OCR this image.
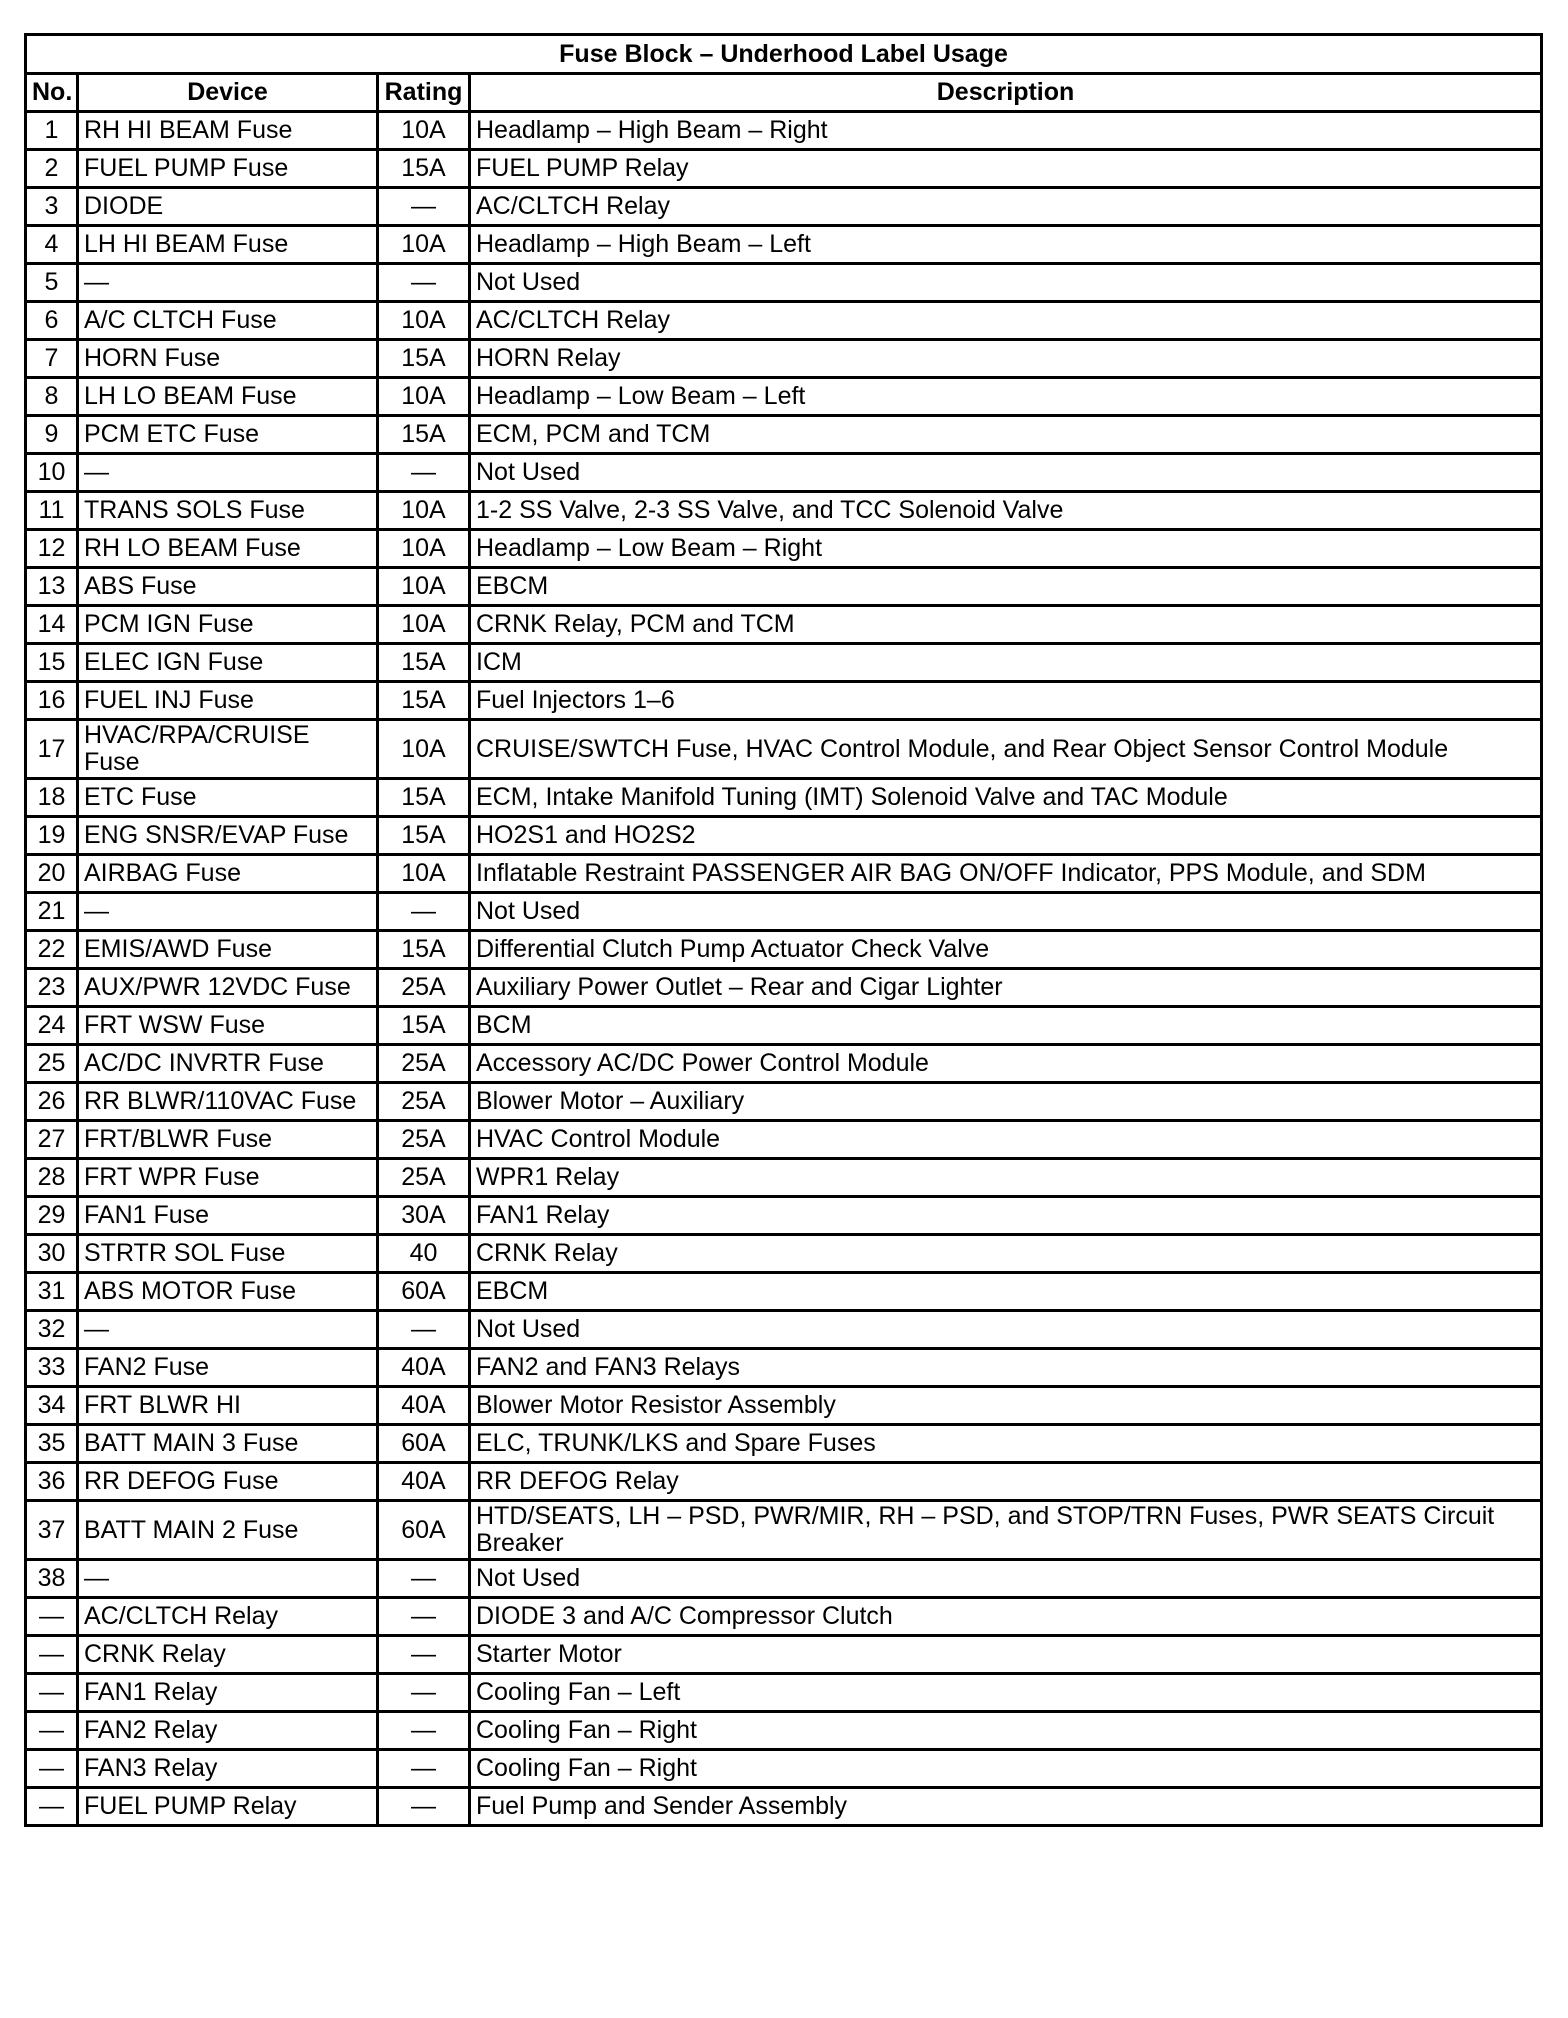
Fuse Block – Underhood Label Usage			
No.	Device	Rating	Description
1	RH HI BEAM Fuse	10A	Headlamp – High Beam – Right
2	FUEL PUMP Fuse	15A	FUEL PUMP Relay
3	DIODE	—	AC/CLTCH Relay
4	LH HI BEAM Fuse	10A	Headlamp – High Beam – Left
5	—	—	Not Used
6	A/C CLTCH Fuse	10A	AC/CLTCH Relay
7	HORN Fuse	15A	HORN Relay
8	LH LO BEAM Fuse	10A	Headlamp – Low Beam – Left
9	PCM ETC Fuse	15A	ECM, PCM and TCM
10	—	—	Not Used
11	TRANS SOLS Fuse	10A	1-2 SS Valve, 2-3 SS Valve, and TCC Solenoid Valve
12	RH LO BEAM Fuse	10A	Headlamp – Low Beam – Right
13	ABS Fuse	10A	EBCM
14	PCM IGN Fuse	10A	CRNK Relay, PCM and TCM
15	ELEC IGN Fuse	15A	ICM
16	FUEL INJ Fuse	15A	Fuel Injectors 1–6
17	HVAC/RPA/CRUISE Fuse	10A	CRUISE/SWTCH Fuse, HVAC Control Module, and Rear Object Sensor Control Module
18	ETC Fuse	15A	ECM, Intake Manifold Tuning (IMT) Solenoid Valve and TAC Module
19	ENG SNSR/EVAP Fuse	15A	HO2S1 and HO2S2
20	AIRBAG Fuse	10A	Inflatable Restraint PASSENGER AIR BAG ON/OFF Indicator, PPS Module, and SDM
21	—	—	Not Used
22	EMIS/AWD Fuse	15A	Differential Clutch Pump Actuator Check Valve
23	AUX/PWR 12VDC Fuse	25A	Auxiliary Power Outlet – Rear and Cigar Lighter
24	FRT WSW Fuse	15A	BCM
25	AC/DC INVRTR Fuse	25A	Accessory AC/DC Power Control Module
26	RR BLWR/110VAC Fuse	25A	Blower Motor – Auxiliary
27	FRT/BLWR Fuse	25A	HVAC Control Module
28	FRT WPR Fuse	25A	WPR1 Relay
29	FAN1 Fuse	30A	FAN1 Relay
30	STRTR SOL Fuse	40	CRNK Relay
31	ABS MOTOR Fuse	60A	EBCM
32	—	—	Not Used
33	FAN2 Fuse	40A	FAN2 and FAN3 Relays
34	FRT BLWR HI	40A	Blower Motor Resistor Assembly
35	BATT MAIN 3 Fuse	60A	ELC, TRUNK/LKS and Spare Fuses
36	RR DEFOG Fuse	40A	RR DEFOG Relay
37	BATT MAIN 2 Fuse	60A	HTD/SEATS, LH – PSD, PWR/MIR, RH – PSD, and STOP/TRN Fuses, PWR SEATS Circuit Breaker
38	—	—	Not Used
—	AC/CLTCH Relay	—	DIODE 3 and A/C Compressor Clutch
—	CRNK Relay	—	Starter Motor
—	FAN1 Relay	—	Cooling Fan – Left
—	FAN2 Relay	—	Cooling Fan – Right
—	FAN3 Relay	—	Cooling Fan – Right
—	FUEL PUMP Relay	—	Fuel Pump and Sender Assembly
